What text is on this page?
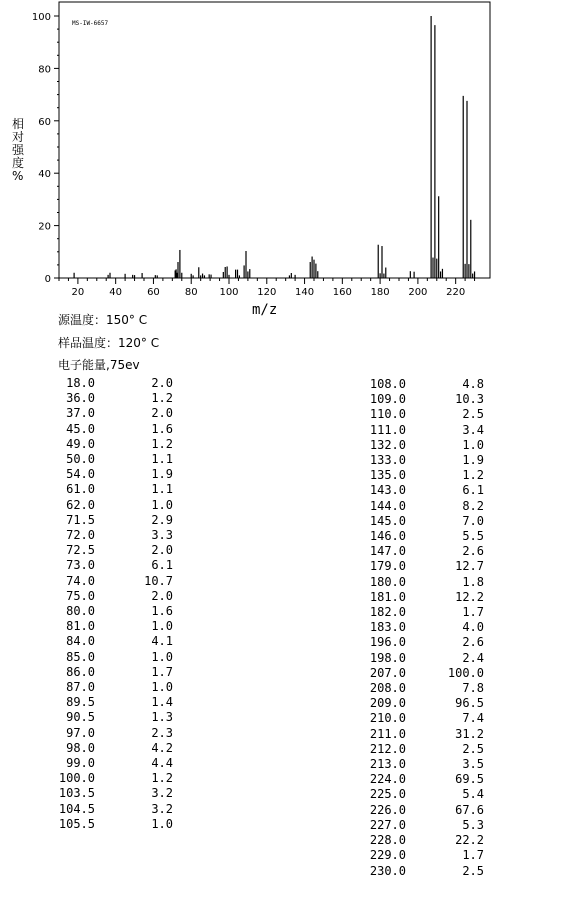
0
20
40
60
80
100
20	40	60	80 100 120 140 160 180 200 220
MS-IW-6657
相
对
强
度
%
m/z
源温度：150° C
样品温度：120° C
电子能量,75ev
18.0	2.0
36.0	1.2
37.0	2.0
45.0	1.6
49.0	1.2
50.0	1.1
54.0	1.9
61.0	1.1
62.0	1.0
71.5	2.9
72.0	3.3
72.5	2.0
73.0	6.1
74.0	10.7
75.0	2.0
80.0	1.6
81.0	1.0
84.0	4.1
85.0	1.0
86.0	1.7
87.0	1.0
89.5	1.4
90.5	1.3
97.0	2.3
98.0	4.2
99.0	4.4
100.0	1.2
103.5	3.2
104.5	3.2
105.5	1.0
108.0	4.8
109.0	10.3
110.0	2.5
111.0	3.4
132.0	1.0
133.0	1.9
135.0	1.2
143.0	6.1
144.0	8.2
145.0	7.0
146.0	5.5
147.0	2.6
179.0	12.7
180.0	1.8
181.0	12.2
182.0	1.7
183.0	4.0
196.0	2.6
198.0	2.4
207.0	100.0
208.0	7.8
209.0	96.5
210.0	7.4
211.0	31.2
212.0	2.5
213.0	3.5
224.0	69.5
225.0	5.4
226.0	67.6
227.0	5.3
228.0	22.2
229.0	1.7
230.0	2.5
